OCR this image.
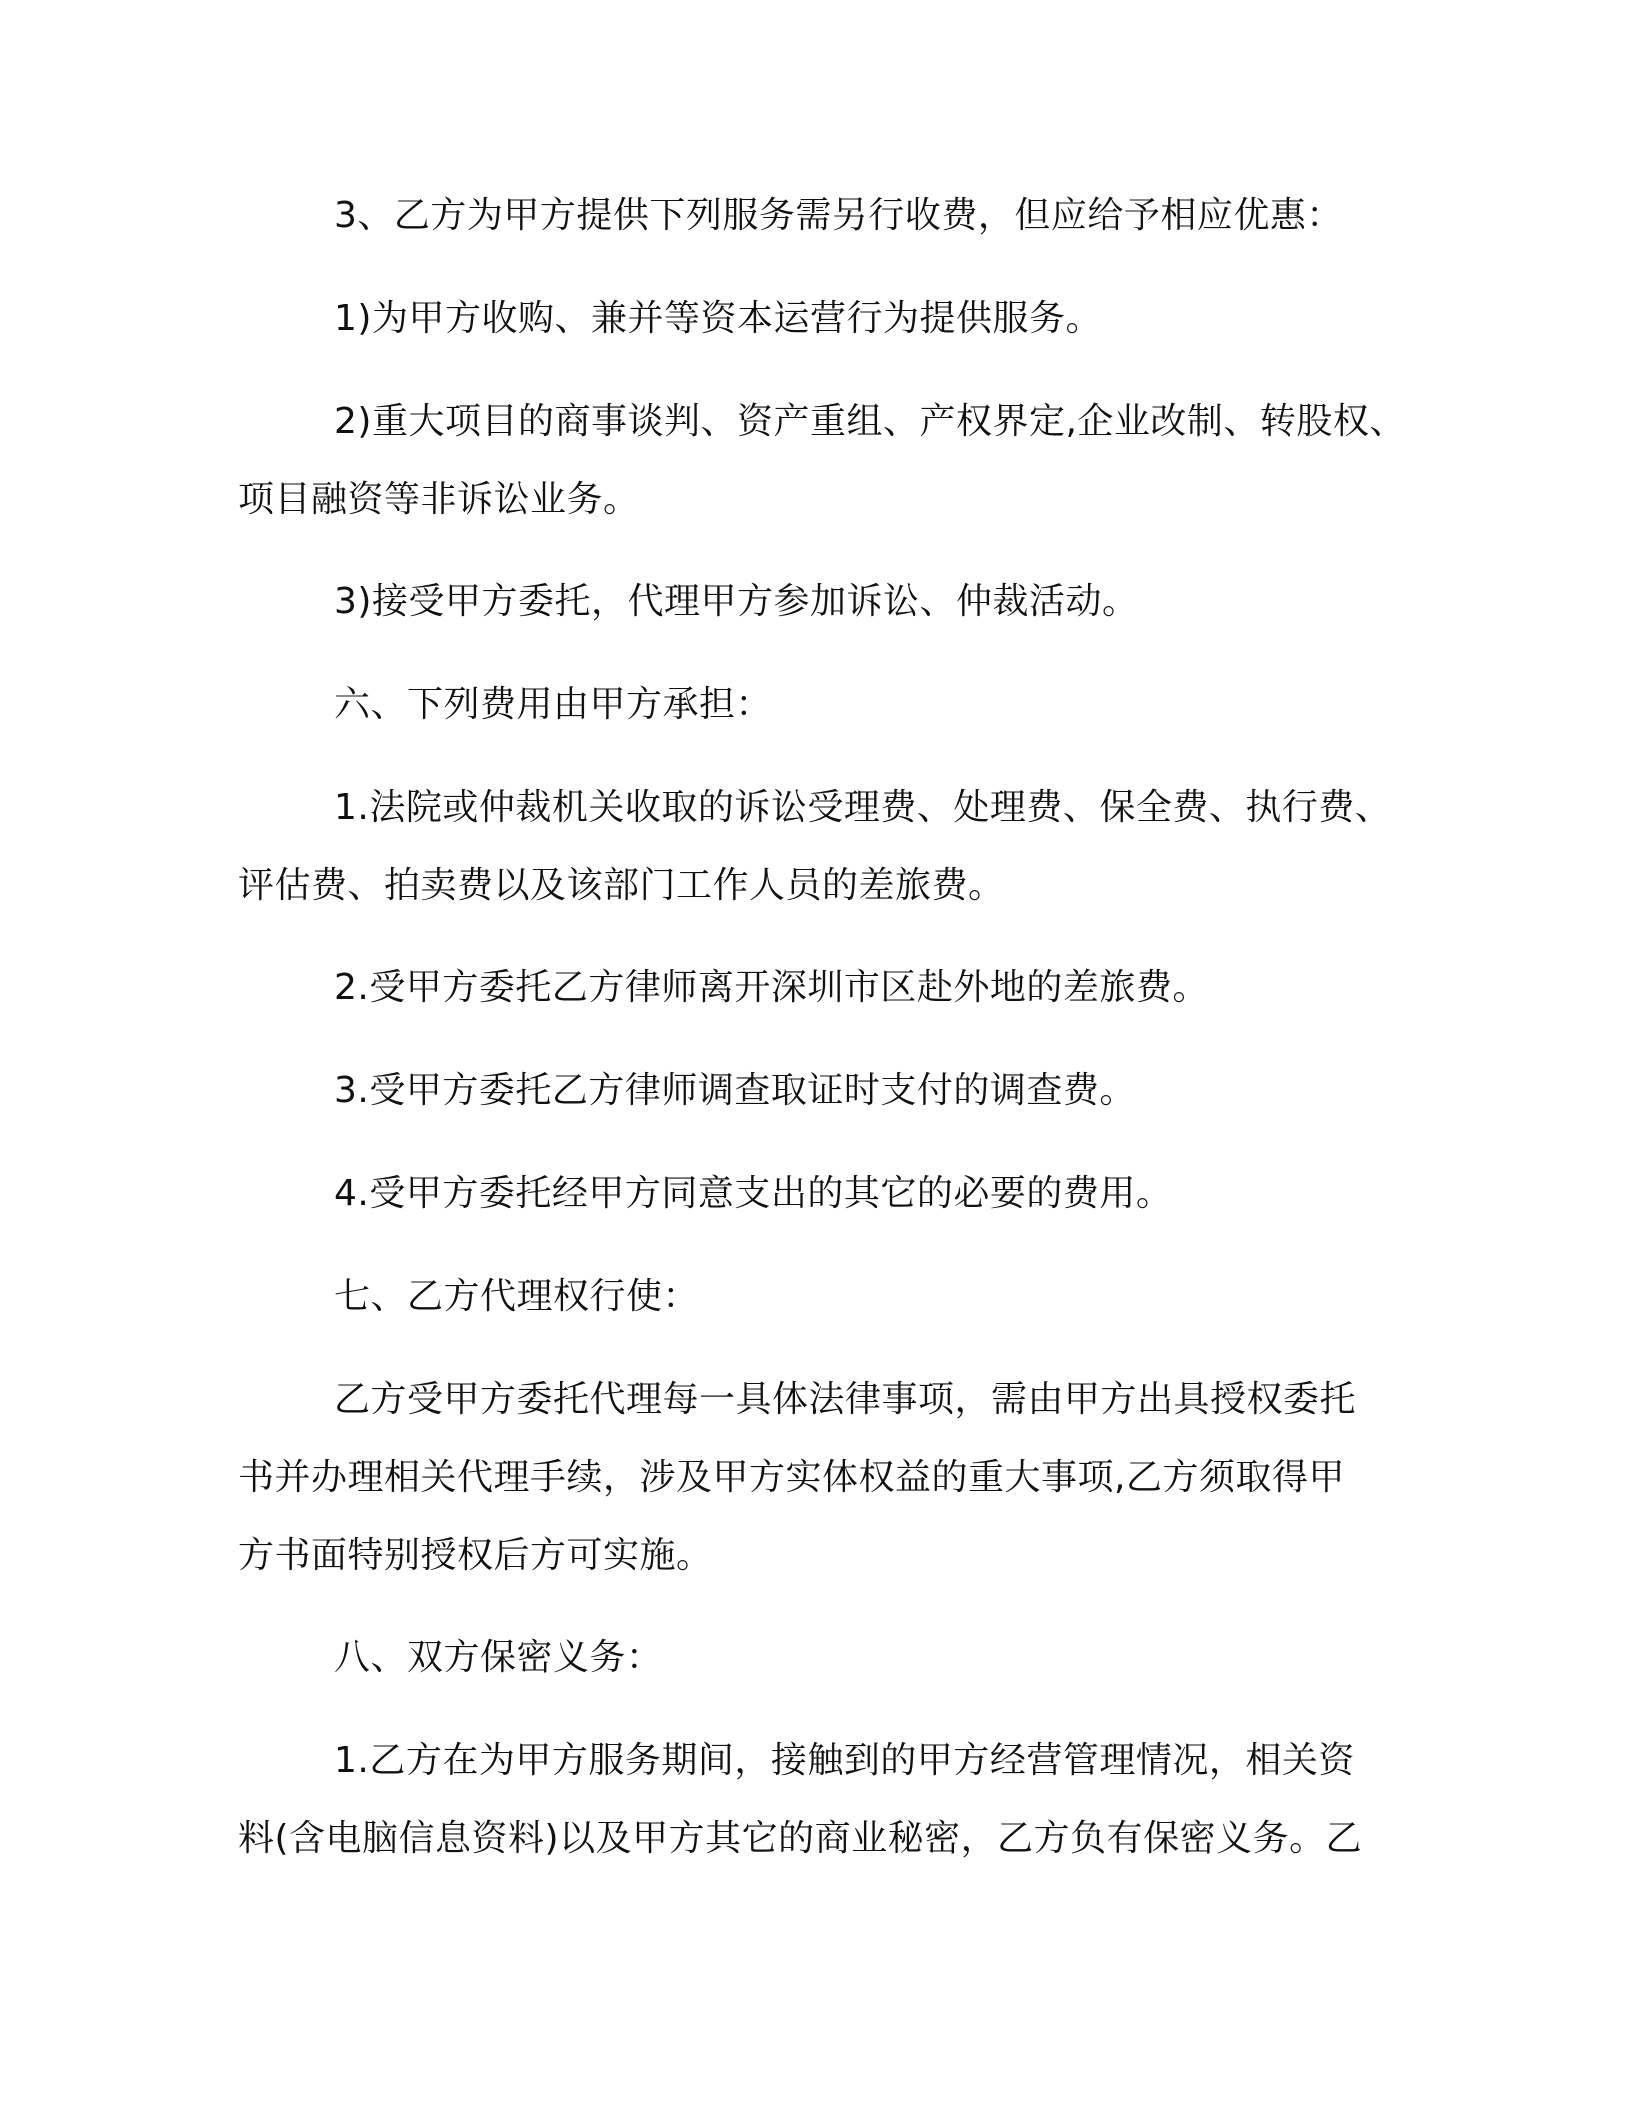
3、乙方为甲方提供下列服务需另行收费，但应给予相应优惠：
1)为甲方收购、兼并等资本运营行为提供服务。
2)重大项目的商事谈判、资产重组、产权界定,企业改制、转股权、
项目融资等非诉讼业务。
3)接受甲方委托，代理甲方参加诉讼、仲裁活动。
六、下列费用由甲方承担：
1.法院或仲裁机关收取的诉讼受理费、处理费、保全费、执行费、
评估费、拍卖费以及该部门工作人员的差旅费。
2.受甲方委托乙方律师离开深圳市区赴外地的差旅费。
3.受甲方委托乙方律师调查取证时支付的调查费。
4.受甲方委托经甲方同意支出的其它的必要的费用。
七、乙方代理权行使：
乙方受甲方委托代理每一具体法律事项，需由甲方出具授权委托
书并办理相关代理手续，涉及甲方实体权益的重大事项,乙方须取得甲
方书面特别授权后方可实施。
八、双方保密义务：
1.乙方在为甲方服务期间，接触到的甲方经营管理情况，相关资
料(含电脑信息资料)以及甲方其它的商业秘密，乙方负有保密义务。乙
